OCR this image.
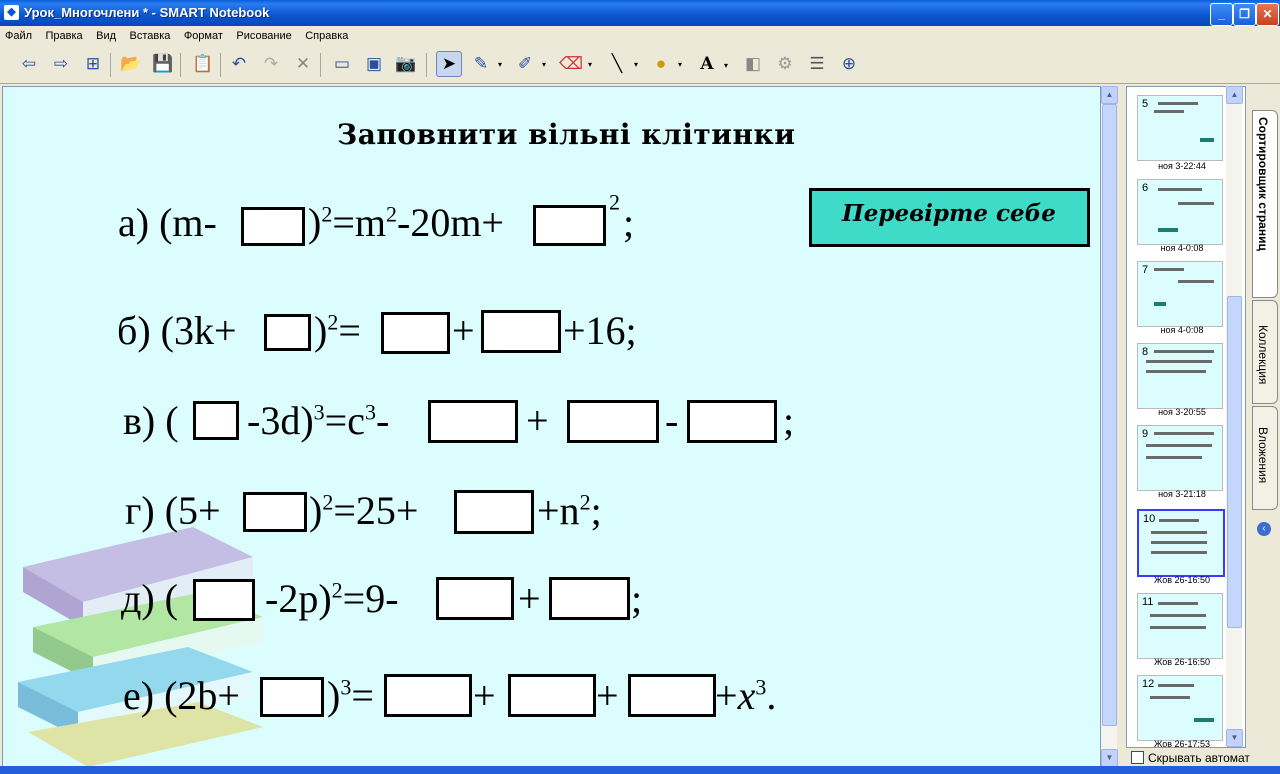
◆ Урок_Многочлени * - SMART Notebook	_	❐	✕
Файл Правка Вид Вставка Формат Рисование Справка
⇦	⇨	⊞	📂 💾 📋	↶	↷	✕	▭ ▣ 📷	➤	✎ ▾ ✐ ▾ ⌫ ▾	╲ ▾	● ▾	A ▾ ◧ ⚙ ☰	⊕
Заповнити вільні клітинки
Перевірте себе
а) (m- )$^2=m^2-20m+$	$^2$ ;
б) $(3k+ )^2= + +16$;
в) ( $-3d)^3=c^3-$	+	-	;
г) $(5+ )^2=25+$	$+n^2$;
д) ( -2p)$^2$=9-	+ ;
е) $(2b+ )^3=$ +	+ $+x^3$.
▲
▼
5
ноя 3-22:44
6
ноя 4-0:08
7
ноя 4-0:08
8
ноя 3-20:55
9
ноя 3-21:18
10
Жов 26-16:50
11
Жов 26-16:50
12
Жов 26-17:53
▲
▼
Скрывать автомат
Сортировщик страниц
Коллекция
Вложения
‹
